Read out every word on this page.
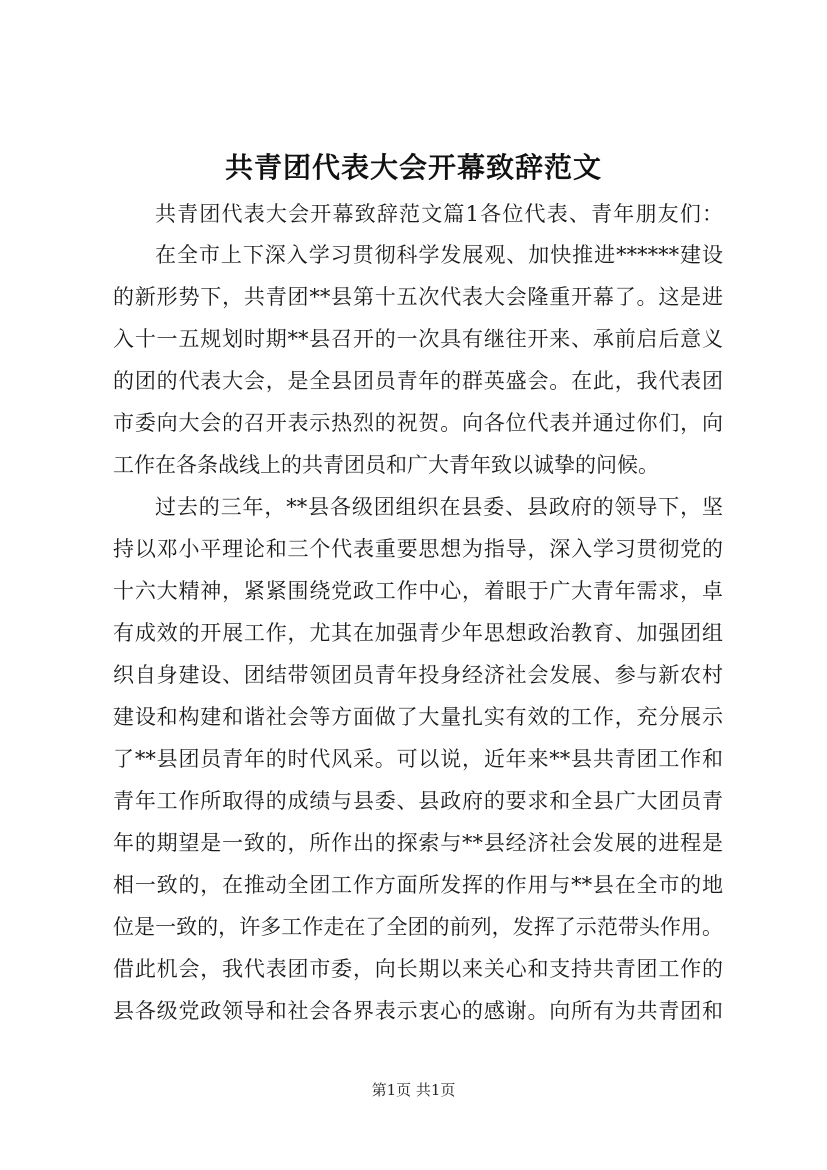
共青团代表大会开幕致辞范文
共青团代表大会开幕致辞范文篇1各位代表、青年朋友们：
在全市上下深入学习贯彻科学发展观、加快推进******建设
的新形势下，共青团**县第十五次代表大会隆重开幕了。这是进
入十一五规划时期**县召开的一次具有继往开来、承前启后意义
的团的代表大会，是全县团员青年的群英盛会。在此，我代表团
市委向大会的召开表示热烈的祝贺。向各位代表并通过你们，向
工作在各条战线上的共青团员和广大青年致以诚挚的问候。
过去的三年，**县各级团组织在县委、县政府的领导下，坚
持以邓小平理论和三个代表重要思想为指导，深入学习贯彻党的
十六大精神，紧紧围绕党政工作中心，着眼于广大青年需求，卓
有成效的开展工作，尤其在加强青少年思想政治教育、加强团组
织自身建设、团结带领团员青年投身经济社会发展、参与新农村
建设和构建和谐社会等方面做了大量扎实有效的工作，充分展示
了**县团员青年的时代风采。可以说，近年来**县共青团工作和
青年工作所取得的成绩与县委、县政府的要求和全县广大团员青
年的期望是一致的，所作出的探索与**县经济社会发展的进程是
相一致的，在推动全团工作方面所发挥的作用与**县在全市的地
位是一致的，许多工作走在了全团的前列，发挥了示范带头作用。
借此机会，我代表团市委，向长期以来关心和支持共青团工作的
县各级党政领导和社会各界表示衷心的感谢。向所有为共青团和
第1页 共1页
